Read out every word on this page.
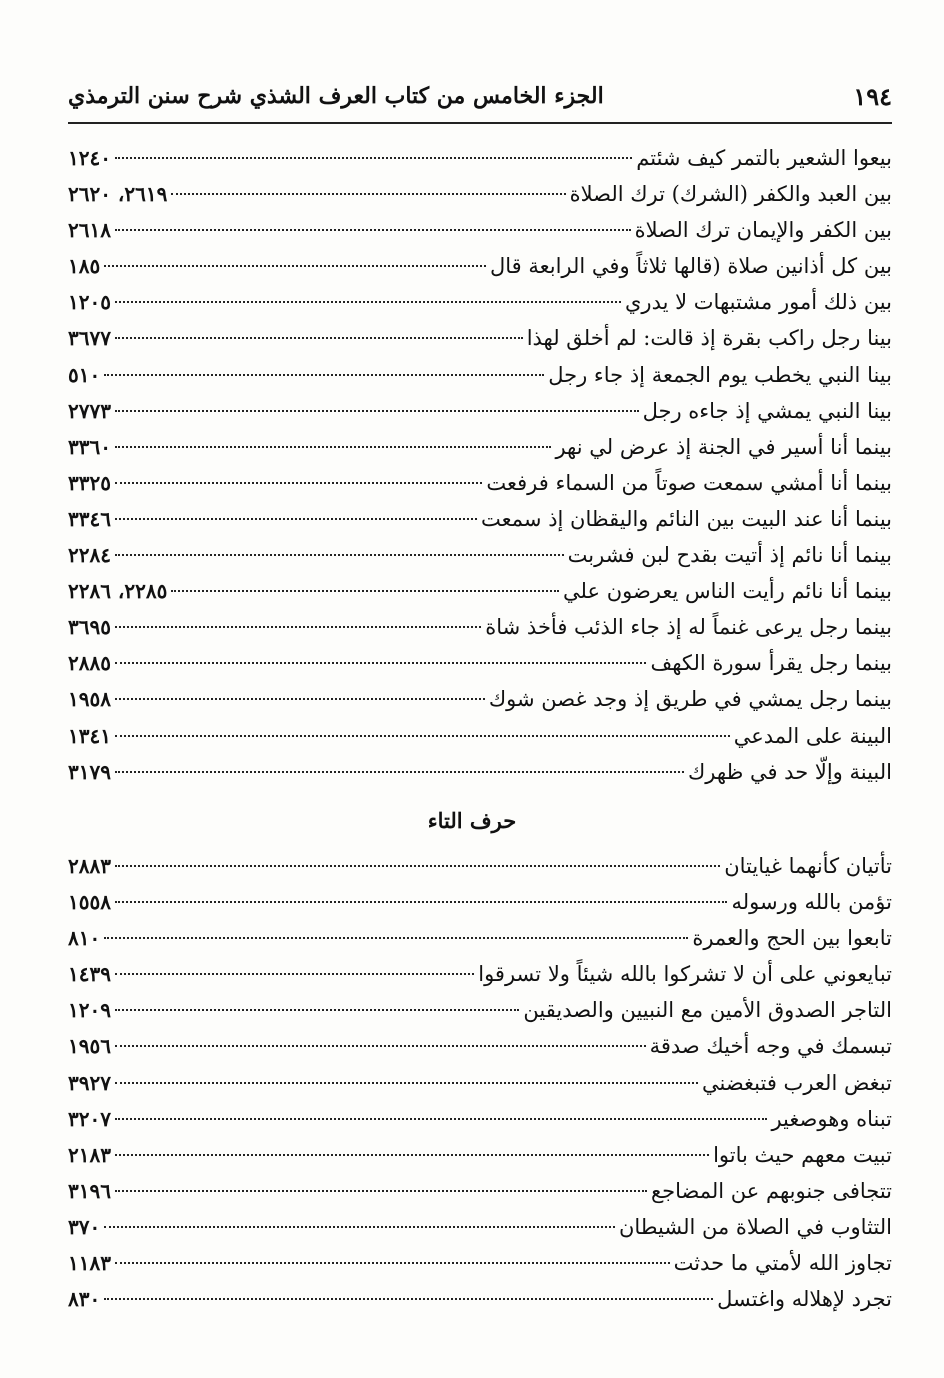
١٩٤
الجزء الخامس من كتاب العرف الشذي شرح سنن الترمذي
بيعوا الشعير بالتمر كيف شئتم
١٢٤٠
بين العبد والكفر (الشرك) ترك الصلاة
٢٦١٩، ٢٦٢٠
بين الكفر والإيمان ترك الصلاة
٢٦١٨
بين كل أذانين صلاة (قالها ثلاثاً وفي الرابعة قال
١٨٥
بين ذلك أمور مشتبهات لا يدري
١٢٠٥
بينا رجل راكب بقرة إذ قالت: لم أخلق لهذا
٣٦٧٧
بينا النبي يخطب يوم الجمعة إذ جاء رجل
٥١٠
بينا النبي يمشي إذ جاءه رجل
٢٧٧٣
بينما أنا أسير في الجنة إذ عرض لي نهر
٣٣٦٠
بينما أنا أمشي سمعت صوتاً من السماء فرفعت
٣٣٢٥
بينما أنا عند البيت بين النائم واليقظان إذ سمعت
٣٣٤٦
بينما أنا نائم إذ أتيت بقدح لبن فشربت
٢٢٨٤
بينما أنا نائم رأيت الناس يعرضون علي
٢٢٨٥، ٢٢٨٦
بينما رجل يرعى غنماً له إذ جاء الذئب فأخذ شاة
٣٦٩٥
بينما رجل يقرأ سورة الكهف
٢٨٨٥
بينما رجل يمشي في طريق إذ وجد غصن شوك
١٩٥٨
البينة على المدعي
١٣٤١
البينة وإلّا حد في ظهرك
٣١٧٩
حرف التاء
تأتيان كأنهما غيايتان
٢٨٨٣
تؤمن بالله ورسوله
١٥٥٨
تابعوا بين الحج والعمرة
٨١٠
تبايعوني على أن لا تشركوا بالله شيئاً ولا تسرقوا
١٤٣٩
التاجر الصدوق الأمين مع النبيين والصديقين
١٢٠٩
تبسمك في وجه أخيك صدقة
١٩٥٦
تبغض العرب فتبغضني
٣٩٢٧
تبناه وهوصغير
٣٢٠٧
تبيت معهم حيث باتوا
٢١٨٣
تتجافى جنوبهم عن المضاجع
٣١٩٦
التثاوب في الصلاة من الشيطان
٣٧٠
تجاوز الله لأمتي ما حدثت
١١٨٣
تجرد لإهلاله واغتسل
٨٣٠
